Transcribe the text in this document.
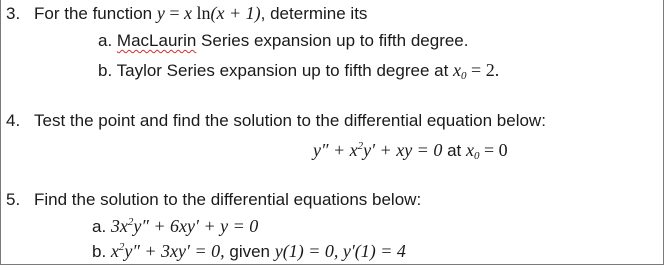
3. For the function y = x ln(x + 1), determine its
a. MacLaurin Series expansion up to fifth degree.
b. Taylor Series expansion up to fifth degree at $x_0 = 2$.
4. Test the point and find the solution to the differential equation below:
$y'' + x^2y'$ + xy = 0 at $x_0 = 0$
5. Find the solution to the differential equations below:
a. $3x^2y'' + 6xy' + y = 0$
b. $x^2y'' + 3xy' = 0$, given y(1) = 0, y′(1) = 4
